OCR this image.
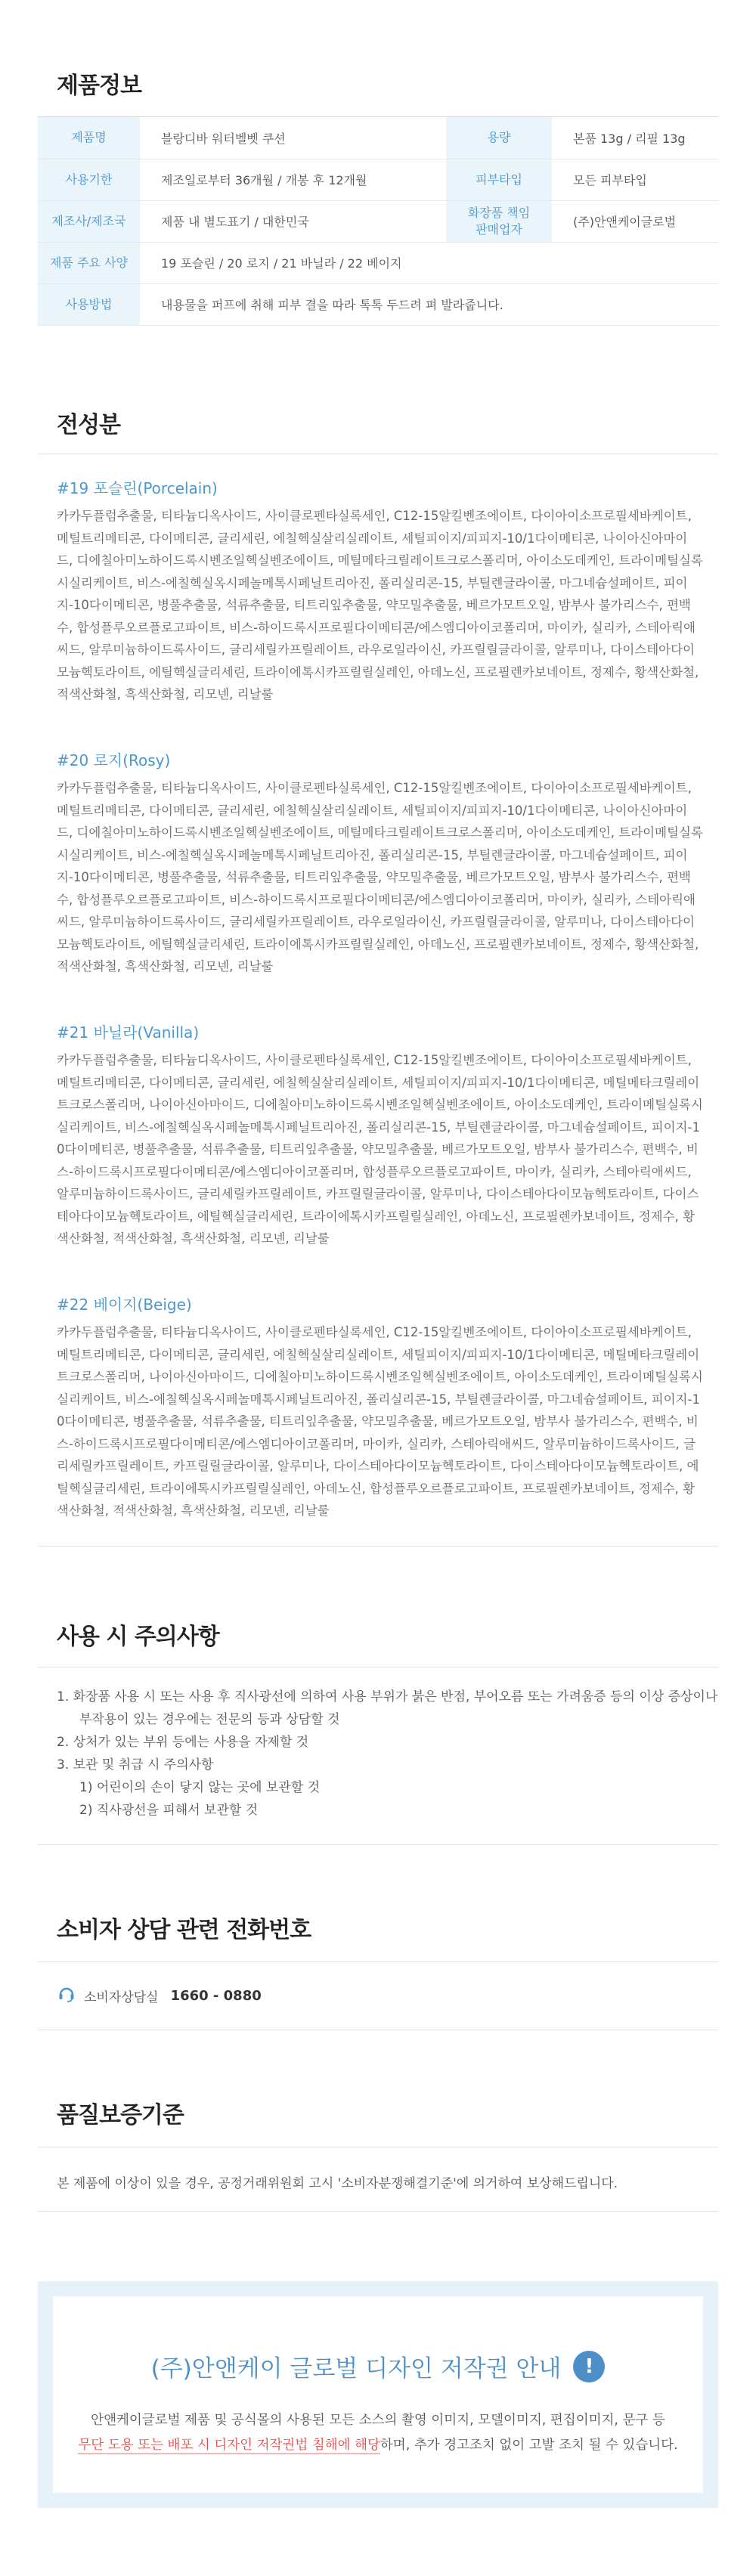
제품정보
제품명	블랑디바 워터벨벳 쿠션	용량	본품 13g / 리필 13g
사용기한	제조일로부터 36개월 / 개봉 후 12개월	피부타입	모든 피부타입
제조사/제조국	제품 내 별도표기 / 대한민국	화장품 책임판매업자	(주)안앤케이글로벌
제품 주요 사양	19 포슬린 / 20 로지 / 21 바닐라 / 22 베이지		
사용방법	내용물을 퍼프에 취해 피부 결을 따라 톡톡 두드려 펴 발라줍니다.		
전성분
#19 포슬린(Porcelain)
카카두플럼추출물, 티타늄디옥사이드, 사이클로펜타실록세인, C12-15알킬벤조에이트, 다이아이소프로필세바케이트, 메틸트리메티콘, 다이메티콘, 글리세린, 에칠헥실살리실레이트, 세틸피이지/피피지-10/1다이메티콘, 나이아신아마이드, 디에칠아미노하이드록시벤조일헥실벤조에이트, 메틸메타크릴레이트크로스폴리머, 아이소도데케인, 트라이메틸실록시실리케이트, 비스-에칠헥실옥시페놀메톡시페닐트리아진, 폴리실리콘-15, 부틸렌글라이콜, 마그네슘설페이트, 피이지-10다이메티콘, 병풀추출물, 석류추출물, 티트리잎추출물, 약모밀추출물, 베르가모트오일, 밤부사 불가리스수, 편백수, 합성플루오르플로고파이트, 비스-하이드록시프로필다이메티콘/에스엠디아이코폴리머, 마이카, 실리카, 스테아릭애씨드, 알루미늄하이드록사이드, 글리세릴카프릴레이트, 라우로일라이신, 카프릴릴글라이콜, 알루미나, 다이스테아다이모늄헥토라이트, 에틸헥실글리세린, 트라이에톡시카프릴릴실레인, 아데노신, 프로필렌카보네이트, 정제수, 황색산화철, 적색산화철, 흑색산화철, 리모넨, 리날룰
#20 로지(Rosy)
카카두플럼추출물, 티타늄디옥사이드, 사이클로펜타실록세인, C12-15알킬벤조에이트, 다이아이소프로필세바케이트, 메틸트리메티콘, 다이메티콘, 글리세린, 에칠헥실살리실레이트, 세틸피이지/피피지-10/1다이메티콘, 나이아신아마이드, 디에칠아미노하이드록시벤조일헥실벤조에이트, 메틸메타크릴레이트크로스폴리머, 아이소도데케인, 트라이메틸실록시실리케이트, 비스-에칠헥실옥시페놀메톡시페닐트리아진, 폴리실리콘-15, 부틸렌글라이콜, 마그네슘설페이트, 피이지-10다이메티콘, 병풀추출물, 석류추출물, 티트리잎추출물, 약모밀추출물, 베르가모트오일, 밤부사 불가리스수, 편백수, 합성플루오르플로고파이트, 비스-하이드록시프로필다이메티콘/에스엠디아이코폴리머, 마이카, 실리카, 스테아릭애씨드, 알루미늄하이드록사이드, 글리세릴카프릴레이트, 라우로일라이신, 카프릴릴글라이콜, 알루미나, 다이스테아다이모늄헥토라이트, 에틸헥실글리세린, 트라이에톡시카프릴릴실레인, 아데노신, 프로필렌카보네이트, 정제수, 황색산화철, 적색산화철, 흑색산화철, 리모넨, 리날룰
#21 바닐라(Vanilla)
카카두플럼추출물, 티타늄디옥사이드, 사이클로펜타실록세인, C12-15알킬벤조에이트, 다이아이소프로필세바케이트, 메틸트리메티콘, 다이메티콘, 글리세린, 에칠헥실살리실레이트, 세틸피이지/피피지-10/1다이메티콘, 메틸메타크릴레이트크로스폴리머, 나이아신아마이드, 디에칠아미노하이드록시벤조일헥실벤조에이트, 아이소도데케인, 트라이메틸실록시실리케이트, 비스-에칠헥실옥시페놀메톡시페닐트리아진, 폴리실리콘-15, 부틸렌글라이콜, 마그네슘설페이트, 피이지-10다이메티콘, 병풀추출물, 석류추출물, 티트리잎추출물, 약모밀추출물, 베르가모트오일, 밤부사 불가리스수, 편백수, 비스-하이드록시프로필다이메티콘/에스엠디아이코폴리머, 합성플루오르플로고파이트, 마이카, 실리카, 스테아릭애씨드, 알루미늄하이드록사이드, 글리세릴카프릴레이트, 카프릴릴글라이콜, 알루미나, 다이스테아다이모늄헥토라이트, 다이스테아다이모늄헥토라이트, 에틸헥실글리세린, 트라이에톡시카프릴릴실레인, 아데노신, 프로필렌카보네이트, 정제수, 황색산화철, 적색산화철, 흑색산화철, 리모넨, 리날룰
#22 베이지(Beige)
카카두플럼추출물, 티타늄디옥사이드, 사이클로펜타실록세인, C12-15알킬벤조에이트, 다이아이소프로필세바케이트, 메틸트리메티콘, 다이메티콘, 글리세린, 에칠헥실살리실레이트, 세틸피이지/피피지-10/1다이메티콘, 메틸메타크릴레이트크로스폴리머, 나이아신아마이드, 디에칠아미노하이드록시벤조일헥실벤조에이트, 아이소도데케인, 트라이메틸실록시실리케이트, 비스-에칠헥실옥시페놀메톡시페닐트리아진, 폴리실리콘-15, 부틸렌글라이콜, 마그네슘설페이트, 피이지-10다이메티콘, 병풀추출물, 석류추출물, 티트리잎추출물, 약모밀추출물, 베르가모트오일, 밤부사 불가리스수, 편백수, 비스-하이드록시프로필다이메티콘/에스엠디아이코폴리머, 마이카, 실리카, 스테아릭애씨드, 알루미늄하이드록사이드, 글리세릴카프릴레이트, 카프릴릴글라이콜, 알루미나, 다이스테아다이모늄헥토라이트, 다이스테아다이모늄헥토라이트, 에틸헥실글리세린, 트라이에톡시카프릴릴실레인, 아데노신, 합성플루오르플로고파이트, 프로필렌카보네이트, 정제수, 황색산화철, 적색산화철, 흑색산화철, 리모넨, 리날룰
사용 시 주의사항
1. 화장품 사용 시 또는 사용 후 직사광선에 의하여 사용 부위가 붉은 반점, 부어오름 또는 가려움증 등의 이상 증상이나
부작용이 있는 경우에는 전문의 등과 상담할 것
2. 상처가 있는 부위 등에는 사용을 자제할 것
3. 보관 및 취급 시 주의사항
1) 어린이의 손이 닿지 않는 곳에 보관할 것
2) 직사광선을 피해서 보관할 것
소비자 상담 관련 전화번호
소비자상담실 1660 - 0880
품질보증기준
본 제품에 이상이 있을 경우, 공정거래위원회 고시 '소비자분쟁해결기준'에 의거하여 보상해드립니다.
(주)안앤케이 글로벌 디자인 저작권 안내	!
안앤케이글로벌 제품 및 공식몰의 사용된 모든 소스의 촬영 이미지, 모델이미지, 편집이미지, 문구 등
무단 도용 또는 배포 시 디자인 저작권법 침해에 해당하며, 추가 경고조치 없이 고발 조치 될 수 있습니다.
